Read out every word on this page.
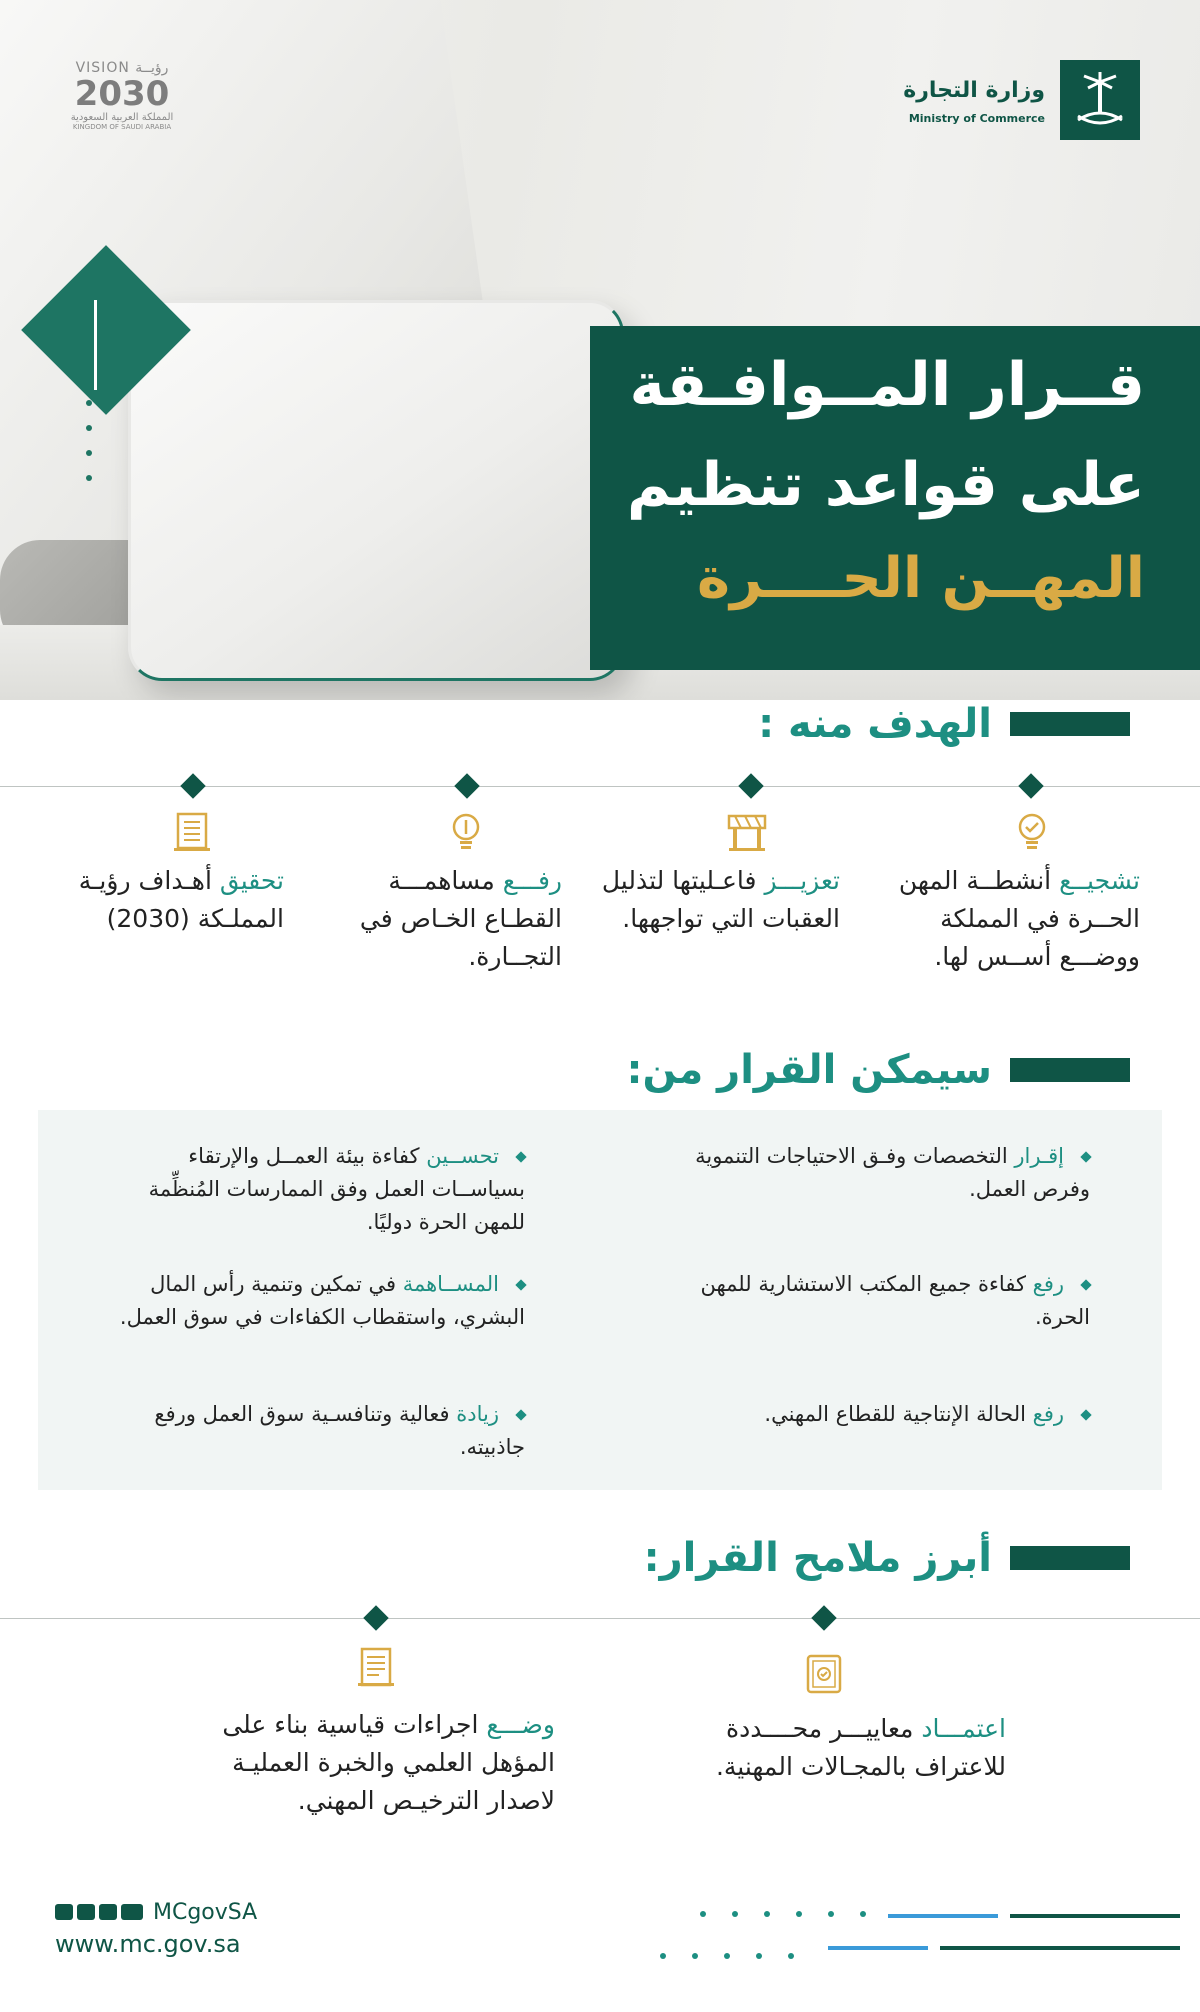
VISION رؤيــة
2030
المملكة العربية السعودية
KINGDOM OF SAUDI ARABIA
وزارة التجارة
Ministry of Commerce
قــرار المــوافـقة
على قواعد تنظيم
المهــن الحــــرة
الهدف منه :
تشجيــع أنشطــة المهن الحــرة في المملكة ووضـــع أســس لها.
تعزيـــز فاعـليتها لتذليل العقبات التي تواجهها.
رفـــع مساهمـــة القطـاع الخـاص في التجــارة.
تحقيق أهـداف رؤيـة المملـكة (2030)
سيمكن القرار من:
إقـرار التخصصات وفـق الاحتياجات التنموية وفرص العمل.
رفع كفاءة جميع المكتب الاستشارية للمهن الحرة.
رفع الحالة الإنتاجية للقطاع المهني.
تحســين كفاءة بيئة العمــل والإرتقاء بسياســات العمل وفق الممارسات المُنظِّمة للمهن الحرة دوليًا.
المســاهمة في تمكين وتنمية رأس المال البشري، واستقطاب الكفاءات في سوق العمل.
زيادة فعالية وتنافسـية سوق العمل ورفع جاذبيته.
أبرز ملامح القرار:
اعتمـــاد معاييـــر محــــددة للاعتراف بالمجـالات المهنية.
وضـــع اجراءات قياسية بناء على المؤهل العلمي والخبرة العمليـة لاصدار الترخيـص المهني.
MCgovSA
www.mc.gov.sa
